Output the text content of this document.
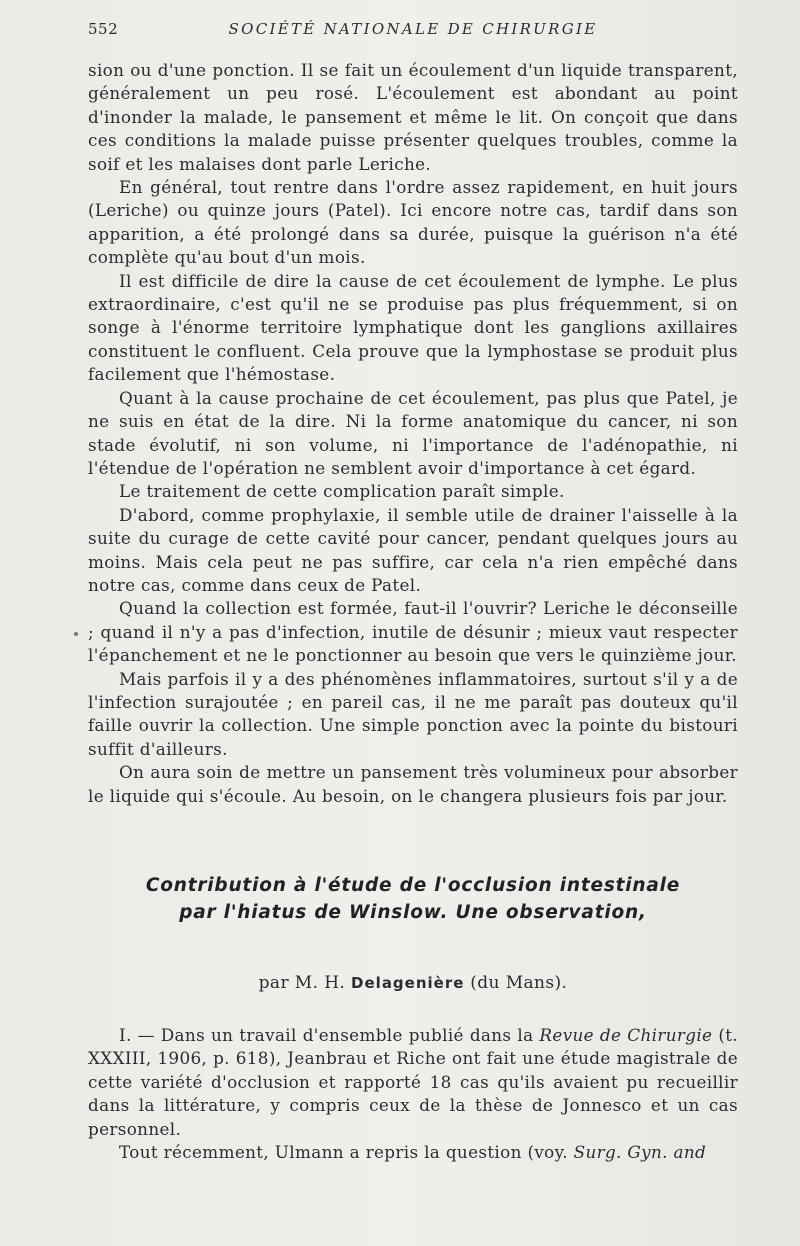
552	SOCIÉTÉ NATIONALE DE CHIRURGIE

sion ou d'une ponction. Il se fait un écoulement d'un liquide transparent, généralement un peu rosé. L'écoulement est abondant au point d'inonder la malade, le pansement et même le lit. On conçoit que dans ces conditions la malade puisse présenter quelques troubles, comme la soif et les malaises dont parle Leriche.

En général, tout rentre dans l'ordre assez rapidement, en huit jours (Leriche) ou quinze jours (Patel). Ici encore notre cas, tardif dans son apparition, a été prolongé dans sa durée, puisque la guérison n'a été complète qu'au bout d'un mois.

Il est difficile de dire la cause de cet écoulement de lymphe. Le plus extraordinaire, c'est qu'il ne se produise pas plus fréquemment, si on songe à l'énorme territoire lymphatique dont les ganglions axillaires constituent le confluent. Cela prouve que la lymphostase se produit plus facilement que l'hémostase.

Quant à la cause prochaine de cet écoulement, pas plus que Patel, je ne suis en état de la dire. Ni la forme anatomique du cancer, ni son stade évolutif, ni son volume, ni l'importance de l'adénopathie, ni l'étendue de l'opération ne semblent avoir d'importance à cet égard.

Le traitement de cette complication paraît simple.

D'abord, comme prophylaxie, il semble utile de drainer l'aisselle à la suite du curage de cette cavité pour cancer, pendant quelques jours au moins. Mais cela peut ne pas suffire, car cela n'a rien empêché dans notre cas, comme dans ceux de Patel.

Quand la collection est formée, faut-il l'ouvrir? Leriche le déconseille ; quand il n'y a pas d'infection, inutile de désunir ; mieux vaut respecter l'épanchement et ne le ponctionner au besoin que vers le quinzième jour.

Mais parfois il y a des phénomènes inflammatoires, surtout s'il y a de l'infection surajoutée ; en pareil cas, il ne me paraît pas douteux qu'il faille ouvrir la collection. Une simple ponction avec la pointe du bistouri suffit d'ailleurs.

On aura soin de mettre un pansement très volumineux pour absorber le liquide qui s'écoule. Au besoin, on le changera plusieurs fois par jour.

Contribution à l'étude de l'occlusion intestinale
par l'hiatus de Winslow. Une observation,
par M. H. Delagenière (du Mans).

I. — Dans un travail d'ensemble publié dans la Revue de Chirurgie (t. XXXIII, 1906, p. 618), Jeanbrau et Riche ont fait une étude magistrale de cette variété d'occlusion et rapporté 18 cas qu'ils avaient pu recueillir dans la littérature, y compris ceux de la thèse de Jonnesco et un cas personnel.

Tout récemment, Ulmann a repris la question (voy. Surg. Gyn. and
